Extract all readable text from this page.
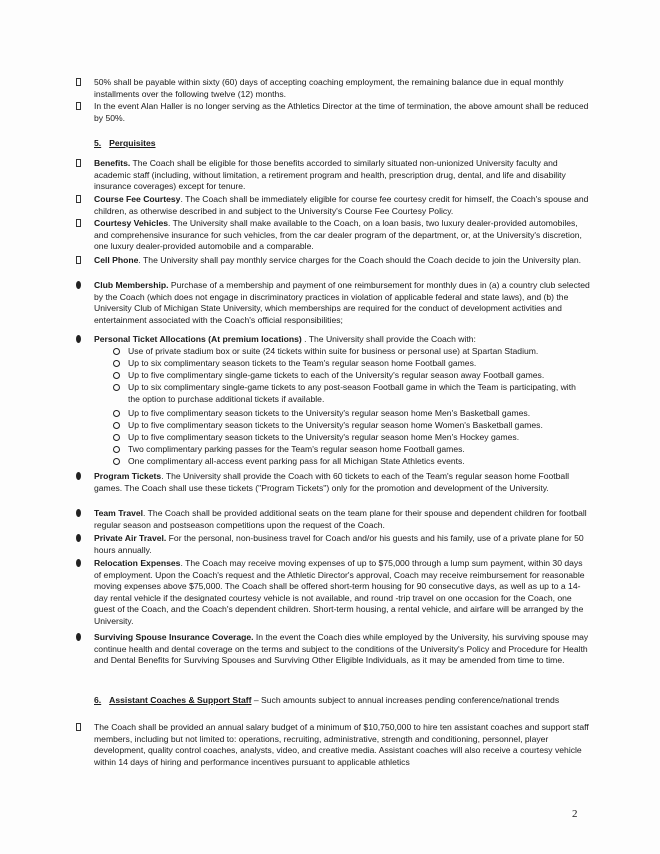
50% shall be payable within sixty (60) days of accepting coaching employment, the remaining balance due in equal monthly installments over the following twelve (12) months.

In the event Alan Haller is no longer serving as the Athletics Director at the time of termination, the above amount shall be reduced by 50%.

5. Perquisites

Benefits. The Coach shall be eligible for those benefits accorded to similarly situated non-unionized University faculty and academic staff (including, without limitation, a retirement program and health, prescription drug, dental, and life and disability insurance coverages) except for tenure.

Course Fee Courtesy. The Coach shall be immediately eligible for course fee courtesy credit for himself, the Coach's spouse and children, as otherwise described in and subject to the University's Course Fee Courtesy Policy.

Courtesy Vehicles. The University shall make available to the Coach, on a loan basis, two luxury dealer-provided automobiles, and comprehensive insurance for such vehicles, from the car dealer program of the department, or, at the University's discretion, one luxury dealer-provided automobile and a comparable.

Cell Phone. The University shall pay monthly service charges for the Coach should the Coach decide to join the University plan.

Club Membership. Purchase of a membership and payment of one reimbursement for monthly dues in (a) a country club selected by the Coach (which does not engage in discriminatory practices in violation of applicable federal and state laws), and (b) the University Club of Michigan State University, which memberships are required for the conduct of development activities and entertainment associated with the Coach's official responsibilities;

Personal Ticket Allocations (At premium locations) . The University shall provide the Coach with:

Use of private stadium box or suite (24 tickets within suite for business or personal use) at Spartan Stadium.

Up to six complimentary season tickets to the Team's regular season home Football games.

Up to five complimentary single-game tickets to each of the University's regular season away Football games.

Up to six complimentary single-game tickets to any post-season Football game in which the Team is participating, with the option to purchase additional tickets if available.

Up to five complimentary season tickets to the University's regular season home Men's Basketball games.

Up to five complimentary season tickets to the University's regular season home Women's Basketball games.

Up to five complimentary season tickets to the University's regular season home Men's Hockey games.

Two complimentary parking passes for the Team's regular season home Football games.

One complimentary all-access event parking pass for all Michigan State Athletics events.

Program Tickets. The University shall provide the Coach with 60 tickets to each of the Team's regular season home Football games. The Coach shall use these tickets ("Program Tickets") only for the promotion and development of the University.

Team Travel. The Coach shall be provided additional seats on the team plane for their spouse and dependent children for football regular season and postseason competitions upon the request of the Coach.

Private Air Travel. For the personal, non-business travel for Coach and/or his guests and his family, use of a private plane for 50 hours annually.

Relocation Expenses. The Coach may receive moving expenses of up to $75,000 through a lump sum payment, within 30 days of employment. Upon the Coach's request and the Athletic Director's approval, Coach may receive reimbursement for reasonable moving expenses above $75,000. The Coach shall be offered short-term housing for 90 consecutive days, as well as up to a 14-day rental vehicle if the designated courtesy vehicle is not available, and round -trip travel on one occasion for the Coach, one guest of the Coach, and the Coach's dependent children. Short-term housing, a rental vehicle, and airfare will be arranged by the University.

Surviving Spouse Insurance Coverage. In the event the Coach dies while employed by the University, his surviving spouse may continue health and dental coverage on the terms and subject to the conditions of the University's Policy and Procedure for Health and Dental Benefits for Surviving Spouses and Surviving Other Eligible Individuals, as it may be amended from time to time.

6. Assistant Coaches & Support Staff – Such amounts subject to annual increases pending conference/national trends

The Coach shall be provided an annual salary budget of a minimum of $10,750,000 to hire ten assistant coaches and support staff members, including but not limited to: operations, recruiting, administrative, strength and conditioning, personnel, player development, quality control coaches, analysts, video, and creative media. Assistant coaches will also receive a courtesy vehicle within 14 days of hiring and performance incentives pursuant to applicable athletics

2
